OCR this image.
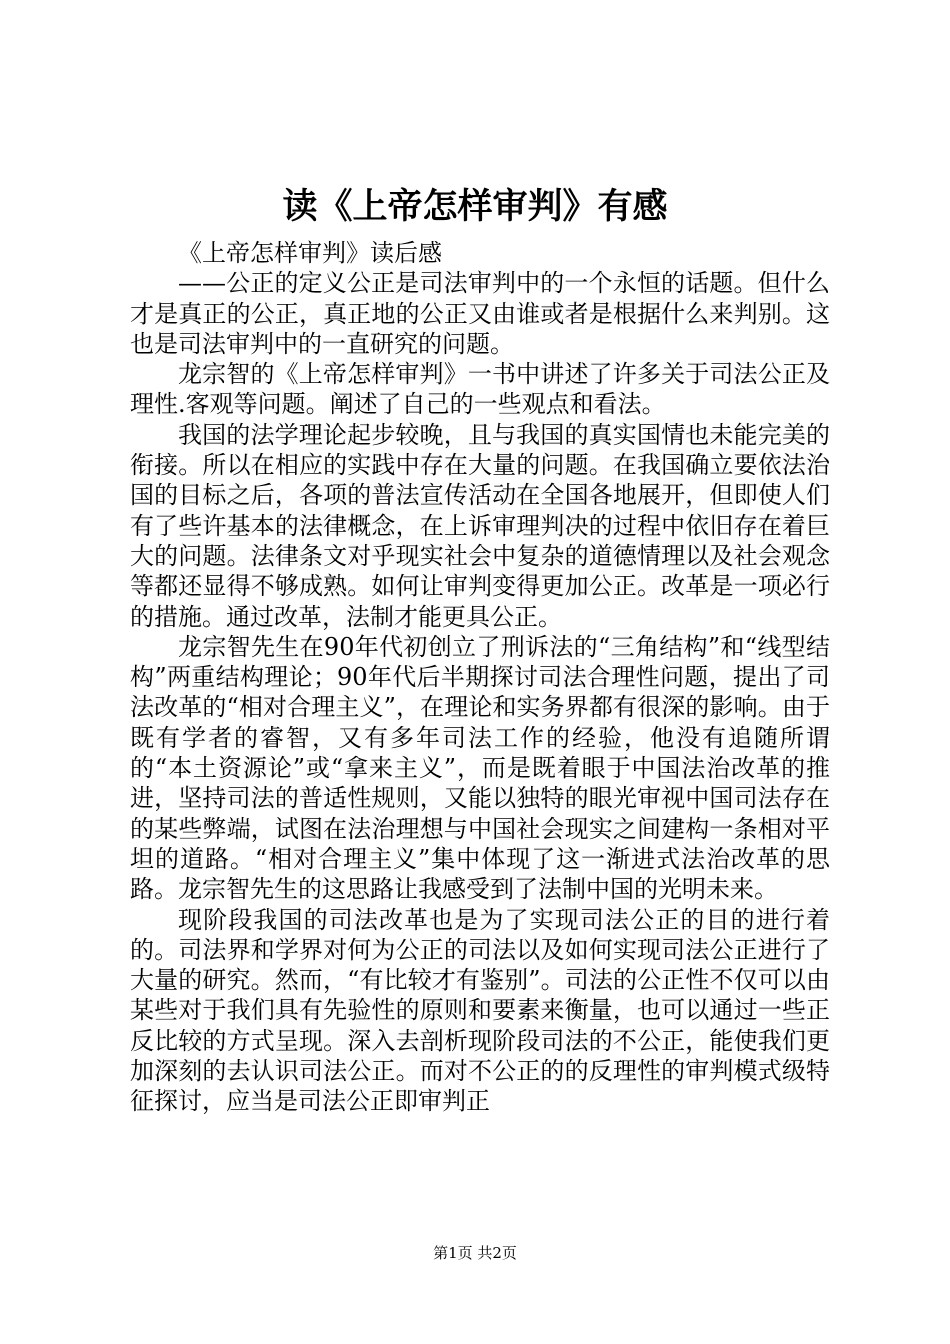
读《上帝怎样审判》有感

《上帝怎样审判》读后感

——公正的定义公正是司法审判中的一个永恒的话题。但什么才是真正的公正，真正地的公正又由谁或者是根据什么来判别。这也是司法审判中的一直研究的问题。

龙宗智的《上帝怎样审判》一书中讲述了许多关于司法公正及理性.客观等问题。阐述了自己的一些观点和看法。

我国的法学理论起步较晚，且与我国的真实国情也未能完美的衔接。所以在相应的实践中存在大量的问题。在我国确立要依法治国的目标之后，各项的普法宣传活动在全国各地展开，但即使人们有了些许基本的法律概念，在上诉审理判决的过程中依旧存在着巨大的问题。法律条文对乎现实社会中复杂的道德情理以及社会观念等都还显得不够成熟。如何让审判变得更加公正。改革是一项必行的措施。通过改革，法制才能更具公正。

龙宗智先生在90年代初创立了刑诉法的“三角结构”和“线型结构”两重结构理论；90年代后半期探讨司法合理性问题，提出了司法改革的“相对合理主义”，在理论和实务界都有很深的影响。由于既有学者的睿智，又有多年司法工作的经验，他没有追随所谓的“本土资源论”或“拿来主义”，而是既着眼于中国法治改革的推进，坚持司法的普适性规则，又能以独特的眼光审视中国司法存在的某些弊端，试图在法治理想与中国社会现实之间建构一条相对平坦的道路。“相对合理主义”集中体现了这一渐进式法治改革的思路。龙宗智先生的这思路让我感受到了法制中国的光明未来。

现阶段我国的司法改革也是为了实现司法公正的目的进行着的。司法界和学界对何为公正的司法以及如何实现司法公正进行了大量的研究。然而，“有比较才有鉴别”。司法的公正性不仅可以由某些对于我们具有先验性的原则和要素来衡量，也可以通过一些正反比较的方式呈现。深入去剖析现阶段司法的不公正，能使我们更加深刻的去认识司法公正。而对不公正的的反理性的审判模式级特征探讨，应当是司法公正即审判正

第1页 共2页
